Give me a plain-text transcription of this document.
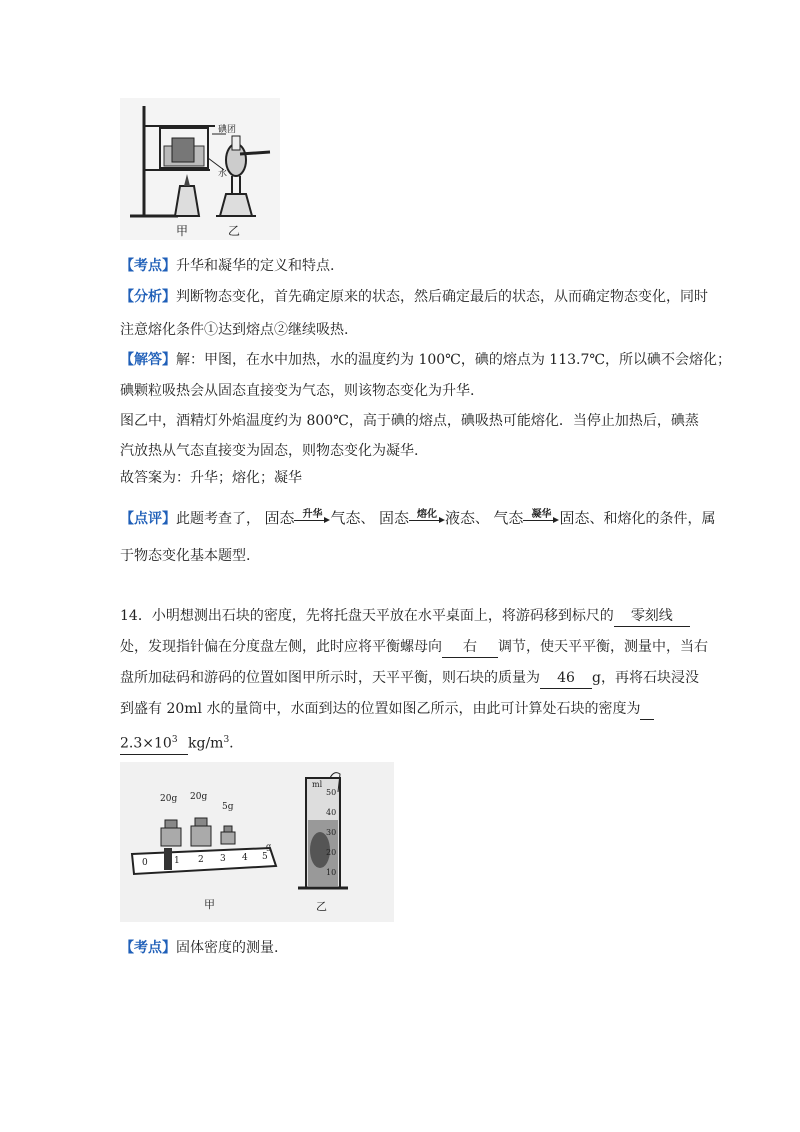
碘团
水
甲	乙
【考点】升华和凝华的定义和特点.
【分析】判断物态变化，首先确定原来的状态，然后确定最后的状态，从而确定物态变化，同时
注意熔化条件①达到熔点②继续吸热.
【解答】解：甲图，在水中加热，水的温度约为 100℃，碘的熔点为 113.7℃，所以碘不会熔化；
碘颗粒吸热会从固态直接变为气态，则该物态变化为升华.
图乙中，酒精灯外焰温度约为 800℃，高于碘的熔点，碘吸热可能熔化．当停止加热后，碘蒸
汽放热从气态直接变为固态，则物态变化为凝华.
故答案为：升华；熔化；凝华
【点评】此题考查了， 固态 升华 气态、 固态 熔化 液态、 气态 凝华 固态、和熔化的条件，属
于物态变化基本题型.
14．小明想测出石块的密度，先将托盘天平放在水平桌面上，将游码移到标尺的 零刻线
处，发现指针偏在分度盘左侧，此时应将平衡螺母向 右 调节，使天平平衡，测量中，当右
盘所加砝码和游码的位置如图甲所示时，天平平衡，则石块的质量为 46 g，再将石块浸没
到盛有 20ml 水的量筒中，水面到达的位置如图乙所示，由此可计算处石块的密度为
$2.3\times 10^3$ $kg/m^3$.
20g 20g
5g
0	1 2 3 4 5
g
ml
50
40
30
20
10
甲	乙
【考点】固体密度的测量.
